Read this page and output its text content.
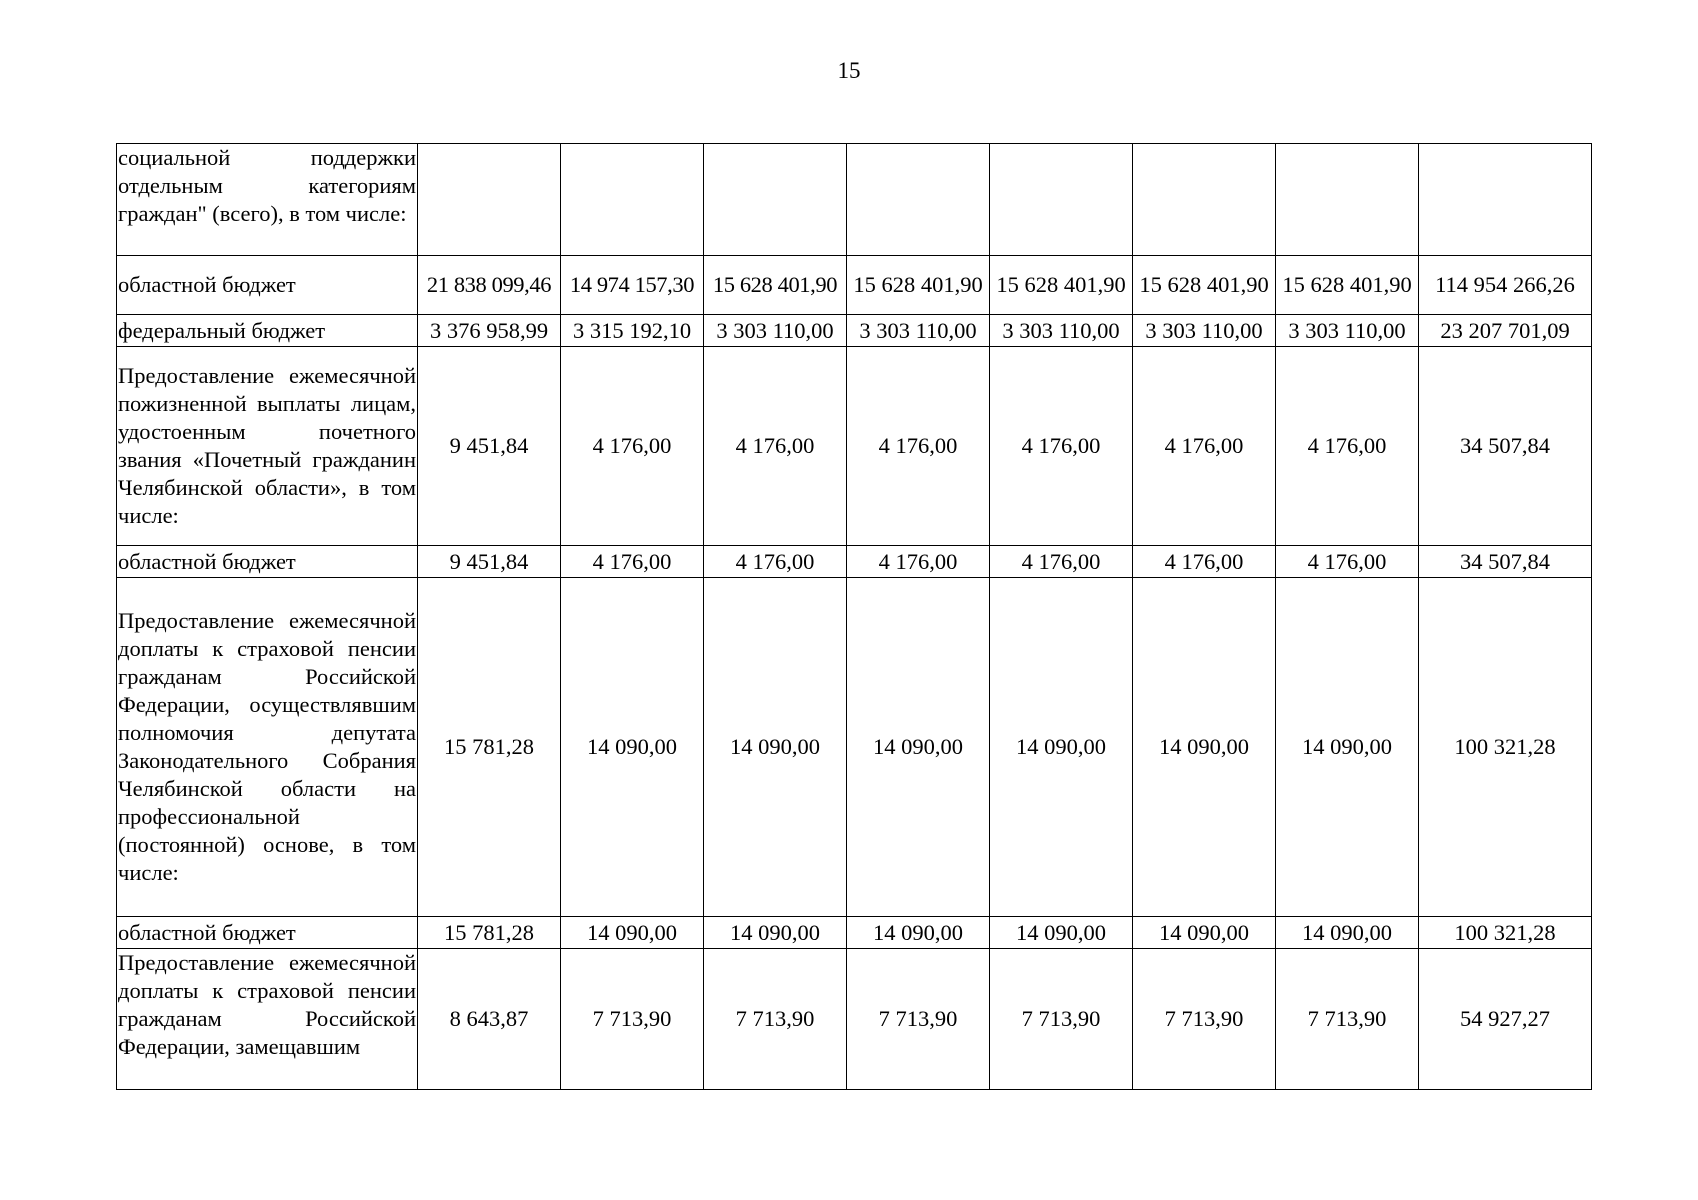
15
социальной поддержки отдельным категориям граждан" (всего), в том числе:								
областной бюджет	21 838 099,46	14 974 157,30	15 628 401,90	15 628 401,90	15 628 401,90	15 628 401,90	15 628 401,90	114 954 266,26
федеральный бюджет	3 376 958,99	3 315 192,10	3 303 110,00	3 303 110,00	3 303 110,00	3 303 110,00	3 303 110,00	23 207 701,09
Предоставление ежемесячной пожизненной выплаты лицам, удостоенным почетного звания «Почетный гражданин Челябинской области», в том числе:	9 451,84	4 176,00	4 176,00	4 176,00	4 176,00	4 176,00	4 176,00	34 507,84
областной бюджет	9 451,84	4 176,00	4 176,00	4 176,00	4 176,00	4 176,00	4 176,00	34 507,84
Предоставление ежемесячной доплаты к страховой пенсии гражданам Российской Федерации, осуществлявшим полномочия депутата Законодательного Собрания Челябинской области на профессиональной (постоянной) основе, в том числе:	15 781,28	14 090,00	14 090,00	14 090,00	14 090,00	14 090,00	14 090,00	100 321,28
областной бюджет	15 781,28	14 090,00	14 090,00	14 090,00	14 090,00	14 090,00	14 090,00	100 321,28
Предоставление ежемесячной доплаты к страховой пенсии гражданам Российской Федерации, замещавшим	8 643,87	7 713,90	7 713,90	7 713,90	7 713,90	7 713,90	7 713,90	54 927,27
